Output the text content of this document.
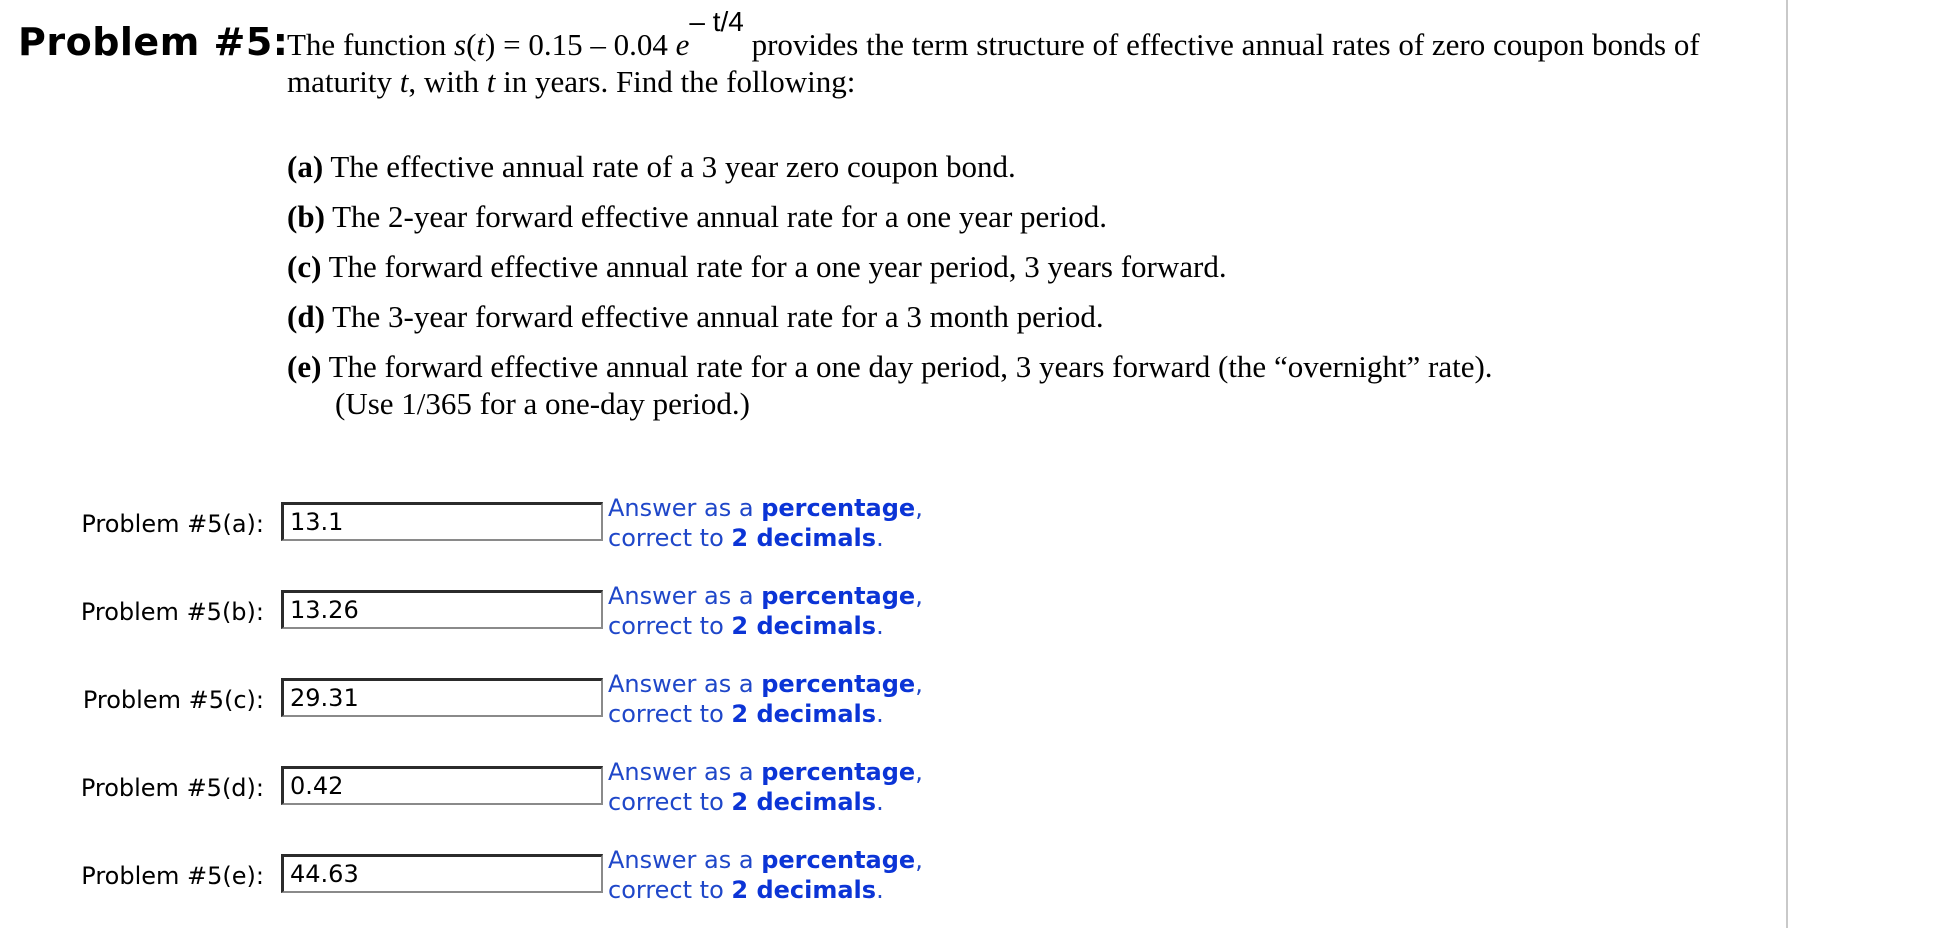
Problem #5:
The function s(t) = 0.15 – 0.04 $e^{- t/4}$ provides the term structure of effective annual rates of zero coupon bonds of
maturity t, with t in years. Find the following:
(a) The effective annual rate of a 3 year zero coupon bond.
(b) The 2-year forward effective annual rate for a one year period.
(c) The forward effective annual rate for a one year period, 3 years forward.
(d) The 3-year forward effective annual rate for a 3 month period.
(e) The forward effective annual rate for a one day period, 3 years forward (the “overnight” rate).
(Use 1/365 for a one-day period.)
Problem #5(a):
13.1
Answer as a percentage,
correct to 2 decimals.
Problem #5(b):
13.26
Answer as a percentage,
correct to 2 decimals.
Problem #5(c):
29.31
Answer as a percentage,
correct to 2 decimals.
Problem #5(d):
0.42
Answer as a percentage,
correct to 2 decimals.
Problem #5(e):
44.63
Answer as a percentage,
correct to 2 decimals.
